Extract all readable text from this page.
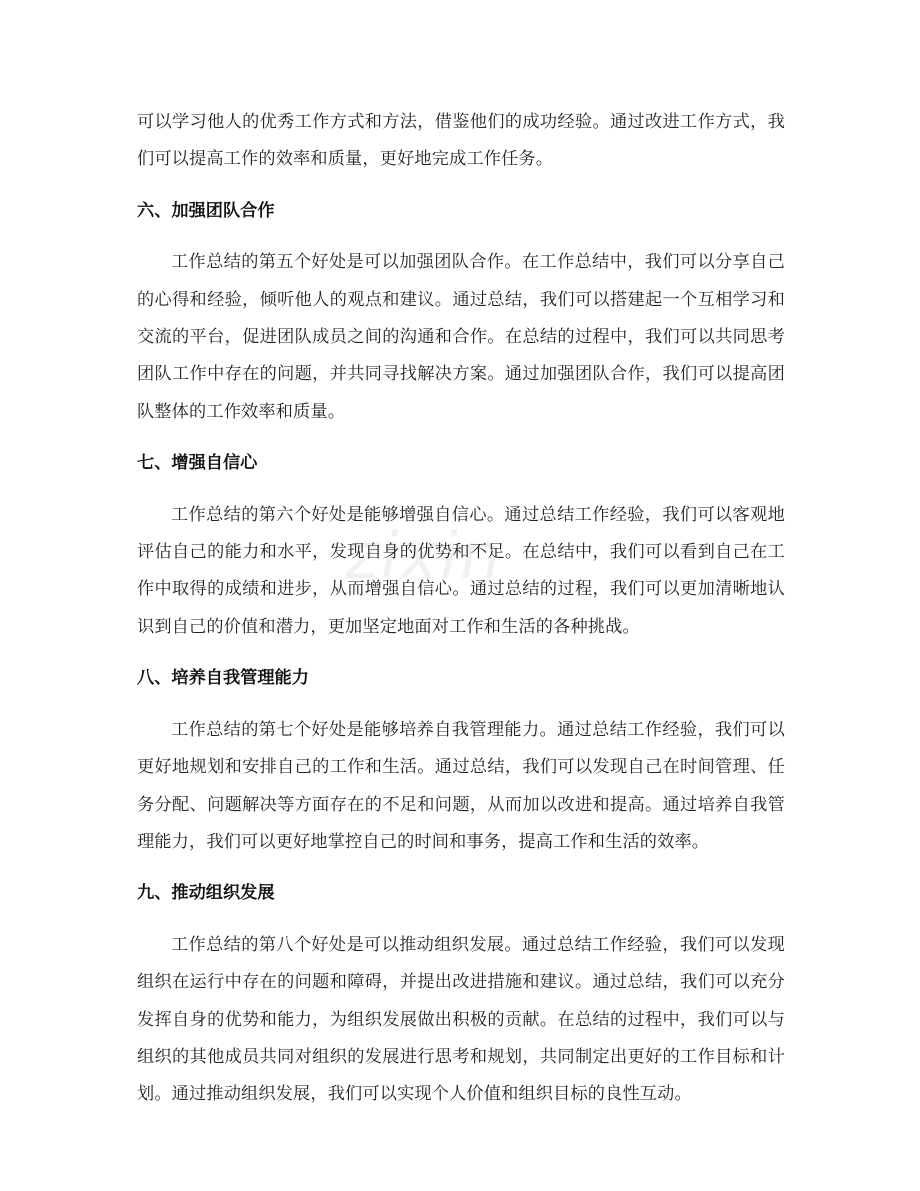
zixin

可以学习他人的优秀工作方式和方法，借鉴他们的成功经验。通过改进工作方式，我们可以提高工作的效率和质量，更好地完成工作任务。

六、加强团队合作

工作总结的第五个好处是可以加强团队合作。在工作总结中，我们可以分享自己的心得和经验，倾听他人的观点和建议。通过总结，我们可以搭建起一个互相学习和交流的平台，促进团队成员之间的沟通和合作。在总结的过程中，我们可以共同思考团队工作中存在的问题，并共同寻找解决方案。通过加强团队合作，我们可以提高团队整体的工作效率和质量。

七、增强自信心

工作总结的第六个好处是能够增强自信心。通过总结工作经验，我们可以客观地评估自己的能力和水平，发现自身的优势和不足。在总结中，我们可以看到自己在工作中取得的成绩和进步，从而增强自信心。通过总结的过程，我们可以更加清晰地认识到自己的价值和潜力，更加坚定地面对工作和生活的各种挑战。

八、培养自我管理能力

工作总结的第七个好处是能够培养自我管理能力。通过总结工作经验，我们可以更好地规划和安排自己的工作和生活。通过总结，我们可以发现自己在时间管理、任务分配、问题解决等方面存在的不足和问题，从而加以改进和提高。通过培养自我管理能力，我们可以更好地掌控自己的时间和事务，提高工作和生活的效率。

九、推动组织发展

工作总结的第八个好处是可以推动组织发展。通过总结工作经验，我们可以发现组织在运行中存在的问题和障碍，并提出改进措施和建议。通过总结，我们可以充分发挥自身的优势和能力，为组织发展做出积极的贡献。在总结的过程中，我们可以与组织的其他成员共同对组织的发展进行思考和规划，共同制定出更好的工作目标和计划。通过推动组织发展，我们可以实现个人价值和组织目标的良性互动。
